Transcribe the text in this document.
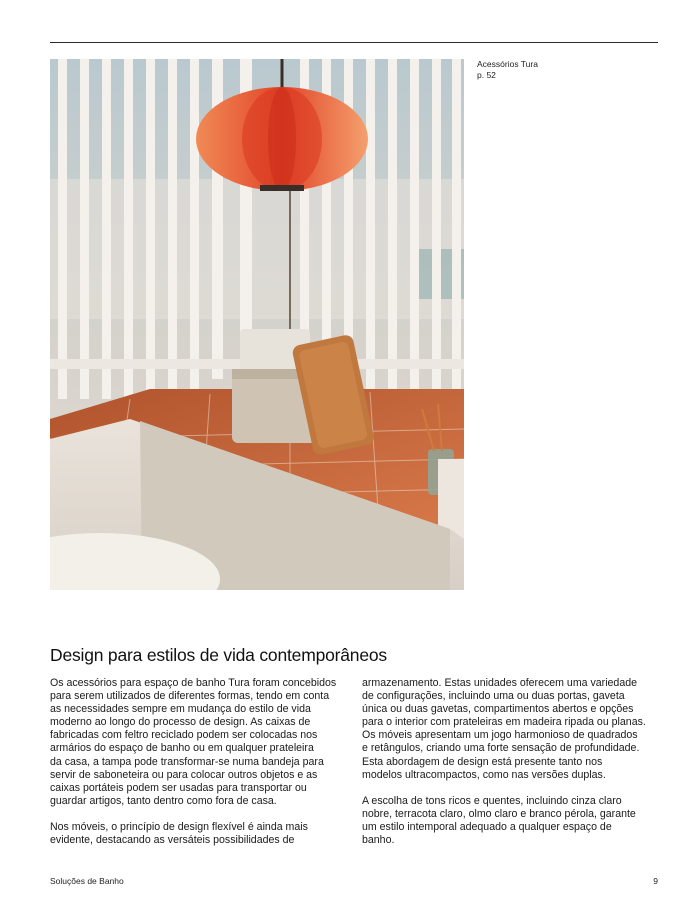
Acessórios Tura
p. 52
Design para estilos de vida contemporâneos

Os acessórios para espaço de banho Tura foram concebidos
para serem utilizados de diferentes formas, tendo em conta
as necessidades sempre em mudança do estilo de vida
moderno ao longo do processo de design. As caixas de
fabricadas com feltro reciclado podem ser colocadas nos
armários do espaço de banho ou em qualquer prateleira
da casa, a tampa pode transformar-se numa bandeja para
servir de saboneteira ou para colocar outros objetos e as
caixas portáteis podem ser usadas para transportar ou
guardar artigos, tanto dentro como fora de casa.

Nos móveis, o princípio de design flexível é ainda mais
evidente, destacando as versáteis possibilidades de

armazenamento. Estas unidades oferecem uma variedade
de configurações, incluindo uma ou duas portas, gaveta
única ou duas gavetas, compartimentos abertos e opções
para o interior com prateleiras em madeira ripada ou planas.
Os móveis apresentam um jogo harmonioso de quadrados
e retângulos, criando uma forte sensação de profundidade.
Esta abordagem de design está presente tanto nos
modelos ultracompactos, como nas versões duplas.

A escolha de tons ricos e quentes, incluindo cinza claro
nobre, terracota claro, olmo claro e branco pérola, garante
um estilo intemporal adequado a qualquer espaço de
banho.

Soluções de Banho	9
